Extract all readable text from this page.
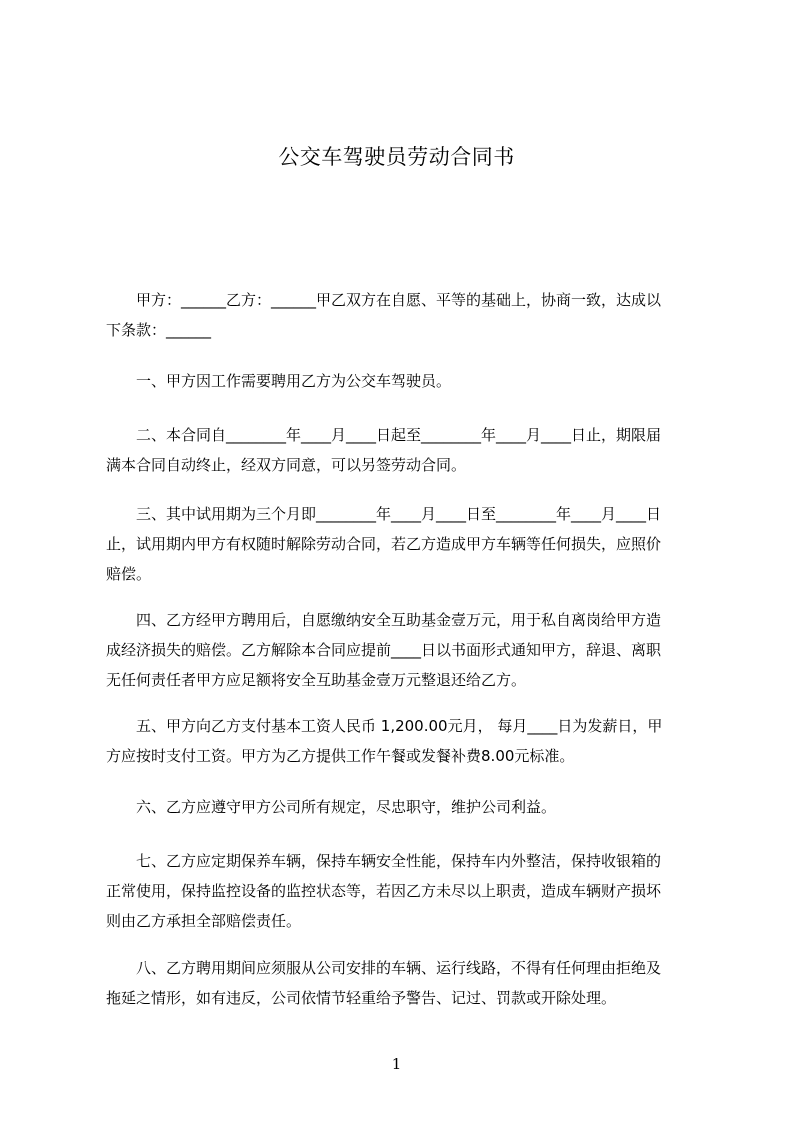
公交车驾驶员劳动合同书
　　甲方：______乙方：______甲乙双方在自愿、平等的基础上，协商一致，达成以
下条款：______
　　一、甲方因工作需要聘用乙方为公交车驾驶员。
　　二、本合同自________年____月____日起至________年____月____日止，期限届
满本合同自动终止，经双方同意，可以另签劳动合同。
　　三、其中试用期为三个月即________年____月____日至________年____月____日
止，试用期内甲方有权随时解除劳动合同，若乙方造成甲方车辆等任何损失，应照价
赔偿。
　　四、乙方经甲方聘用后，自愿缴纳安全互助基金壹万元，用于私自离岗给甲方造
成经济损失的赔偿。乙方解除本合同应提前____日以书面形式通知甲方，辞退、离职
无任何责任者甲方应足额将安全互助基金壹万元整退还给乙方。
　　五、甲方向乙方支付基本工资人民币 1,200.00元月， 每月____日为发薪日，甲
方应按时支付工资。甲方为乙方提供工作午餐或发餐补费8.00元标准。
　　六、乙方应遵守甲方公司所有规定，尽忠职守，维护公司利益。
　　七、乙方应定期保养车辆，保持车辆安全性能，保持车内外整洁，保持收银箱的
正常使用，保持监控设备的监控状态等，若因乙方未尽以上职责，造成车辆财产损坏
则由乙方承担全部赔偿责任。
　　八、乙方聘用期间应须服从公司安排的车辆、运行线路，不得有任何理由拒绝及
拖延之情形，如有违反，公司依情节轻重给予警告、记过、罚款或开除处理。
1
